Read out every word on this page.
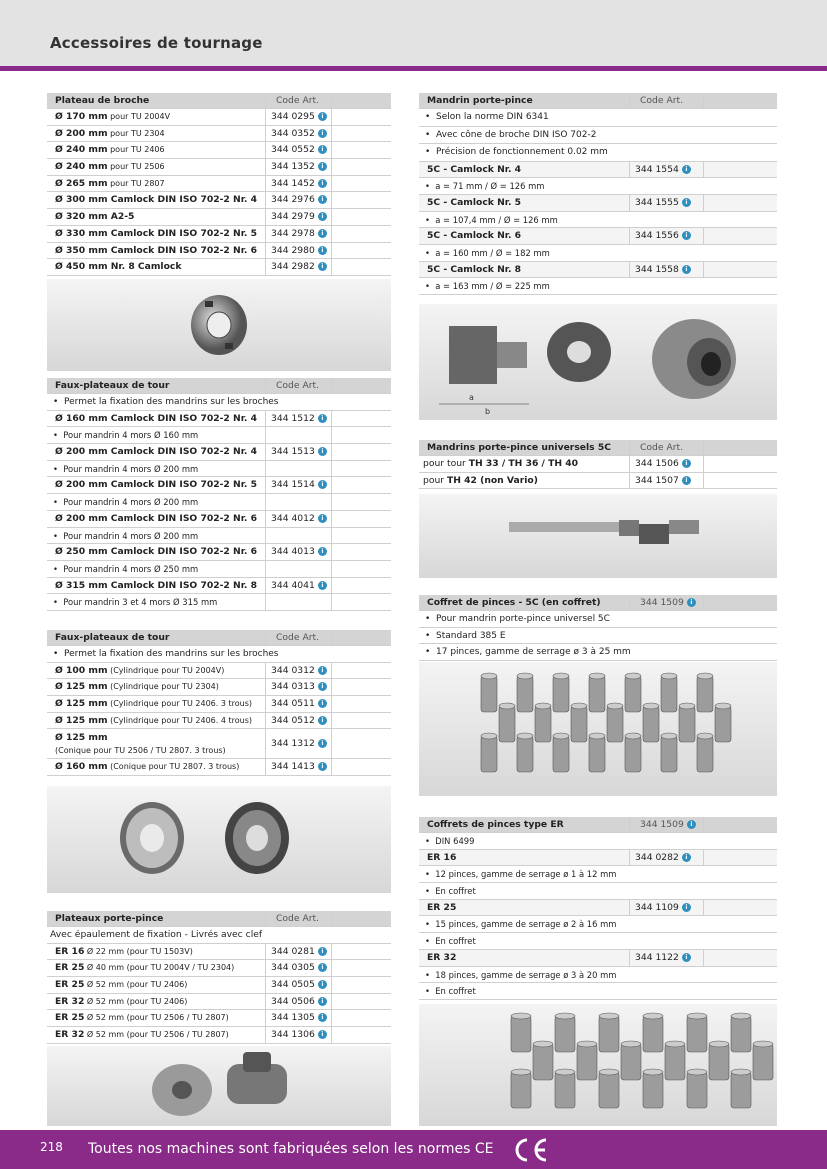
Accessoires de tournage
Plateau de broche	Code Art.
Ø 170 mm pour TU 2004V	344 0295 i
Ø 200 mm pour TU 2304	344 0352 i
Ø 240 mm pour TU 2406	344 0552 i
Ø 240 mm pour TU 2506	344 1352 i
Ø 265 mm pour TU 2807	344 1452 i
Ø 300 mm Camlock DIN ISO 702-2 Nr. 4	344 2976 i
Ø 320 mm A2-5	344 2979 i
Ø 330 mm Camlock DIN ISO 702-2 Nr. 5	344 2978 i
Ø 350 mm Camlock DIN ISO 702-2 Nr. 6	344 2980 i
Ø 450 mm Nr. 8 Camlock	344 2982 i
Faux-plateaux de tour	Code Art.
•  Permet la fixation des mandrins sur les broches
Ø 160 mm Camlock DIN ISO 702-2 Nr. 4	344 1512 i
•  Pour mandrin 4 mors Ø 160 mm
Ø 200 mm Camlock DIN ISO 702-2 Nr. 4	344 1513 i
•  Pour mandrin 4 mors Ø 200 mm
Ø 200 mm Camlock DIN ISO 702-2 Nr. 5	344 1514 i
•  Pour mandrin 4 mors Ø 200 mm
Ø 200 mm Camlock DIN ISO 702-2 Nr. 6	344 4012 i
•  Pour mandrin 4 mors Ø 200 mm
Ø 250 mm Camlock DIN ISO 702-2 Nr. 6	344 4013 i
•  Pour mandrin 4 mors Ø 250 mm
Ø 315 mm Camlock DIN ISO 702-2 Nr. 8	344 4041 i
•  Pour mandrin 3 et 4 mors Ø 315 mm
Faux-plateaux de tour	Code Art.
•  Permet la fixation des mandrins sur les broches
Ø 100 mm (Cylindrique pour TU 2004V)	344 0312 i
Ø 125 mm (Cylindrique pour TU 2304)	344 0313 i
Ø 125 mm (Cylindrique pour TU 2406. 3 trous)	344 0511 i
Ø 125 mm (Cylindrique pour TU 2406. 4 trous)	344 0512 i
Ø 125 mm
(Conique pour TU 2506 / TU 2807. 3 trous)
344 1312 i
Ø 160 mm (Conique pour TU 2807. 3 trous)	344 1413 i
Plateaux porte-pince	Code Art.
Avec épaulement de fixation - Livrés avec clef
ER 16 Ø 22 mm (pour TU 1503V)	344 0281 i
ER 25 Ø 40 mm (pour TU 2004V / TU 2304)	344 0305 i
ER 25 Ø 52 mm (pour TU 2406)	344 0505 i
ER 32 Ø 52 mm (pour TU 2406)	344 0506 i
ER 25 Ø 52 mm (pour TU 2506 / TU 2807)	344 1305 i
ER 32 Ø 52 mm (pour TU 2506 / TU 2807)	344 1306 i
Mandrin porte-pince	Code Art.
•  Selon la norme DIN 6341
•  Avec cône de broche DIN ISO 702-2
•  Précision de fonctionnement 0.02 mm
5C - Camlock Nr. 4	344 1554 i
•  a = 71 mm / Ø = 126 mm
5C - Camlock Nr. 5	344 1555 i
•  a = 107,4 mm / Ø = 126 mm
5C - Camlock Nr. 6	344 1556 i
•  a = 160 mm / Ø = 182 mm
5C - Camlock Nr. 8	344 1558 i
•  a = 163 mm / Ø = 225 mm
a
b
Mandrins porte-pince universels 5C	Code Art.
pour tour TH 33 / TH 36 / TH 40	344 1506 i
pour TH 42 (non Vario)	344 1507 i
Coffret de pinces - 5C (en coffret)	344 1509 i
•  Pour mandrin porte-pince universel 5C
•  Standard 385 E
•  17 pinces, gamme de serrage ø 3 à 25 mm
Coffrets de pinces type ER	344 1509 i
•  DIN 6499
ER 16	344 0282 i
•  12 pinces, gamme de serrage ø 1 à 12 mm
•  En coffret
ER 25	344 1109 i
•  15 pinces, gamme de serrage ø 2 à 16 mm
•  En coffret
ER 32	344 1122 i
•  18 pinces, gamme de serrage ø 3 à 20 mm
•  En coffret
218 Toutes nos machines sont fabriquées selon les normes CE
